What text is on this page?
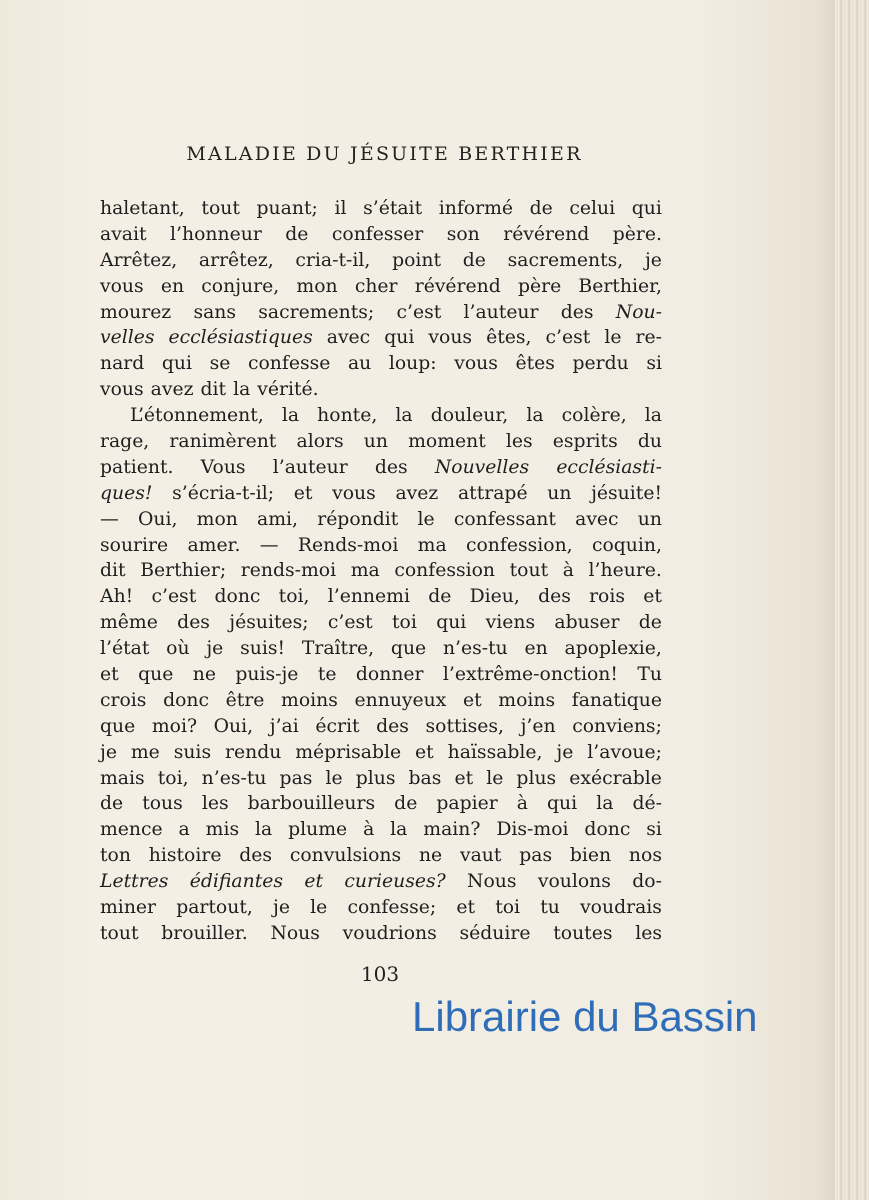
MALADIE DU JÉSUITE BERTHIER
haletant, tout puant; il s’était informé de celui qui
avait l’honneur de confesser son révérend père.
Arrêtez, arrêtez, cria-t-il, point de sacrements, je
vous en conjure, mon cher révérend père Berthier,
mourez sans sacrements; c’est l’auteur des Nou-
velles ecclésiastiques avec qui vous êtes, c’est le re-
nard qui se confesse au loup: vous êtes perdu si
vous avez dit la vérité.
L’étonnement, la honte, la douleur, la colère, la
rage, ranimèrent alors un moment les esprits du
patient. Vous l’auteur des Nouvelles ecclésiasti-
ques! s’écria-t-il; et vous avez attrapé un jésuite!
— Oui, mon ami, répondit le confessant avec un
sourire amer. — Rends-moi ma confession, coquin,
dit Berthier; rends-moi ma confession tout à l’heure.
Ah! c’est donc toi, l’ennemi de Dieu, des rois et
même des jésuites; c’est toi qui viens abuser de
l’état où je suis! Traître, que n’es-tu en apoplexie,
et que ne puis-je te donner l’extrême-onction! Tu
crois donc être moins ennuyeux et moins fanatique
que moi? Oui, j’ai écrit des sottises, j’en conviens;
je me suis rendu méprisable et haïssable, je l’avoue;
mais toi, n’es-tu pas le plus bas et le plus exécrable
de tous les barbouilleurs de papier à qui la dé-
mence a mis la plume à la main? Dis-moi donc si
ton histoire des convulsions ne vaut pas bien nos
Lettres édifiantes et curieuses? Nous voulons do-
miner partout, je le confesse; et toi tu voudrais
tout brouiller. Nous voudrions séduire toutes les
103
Librairie du Bassin
